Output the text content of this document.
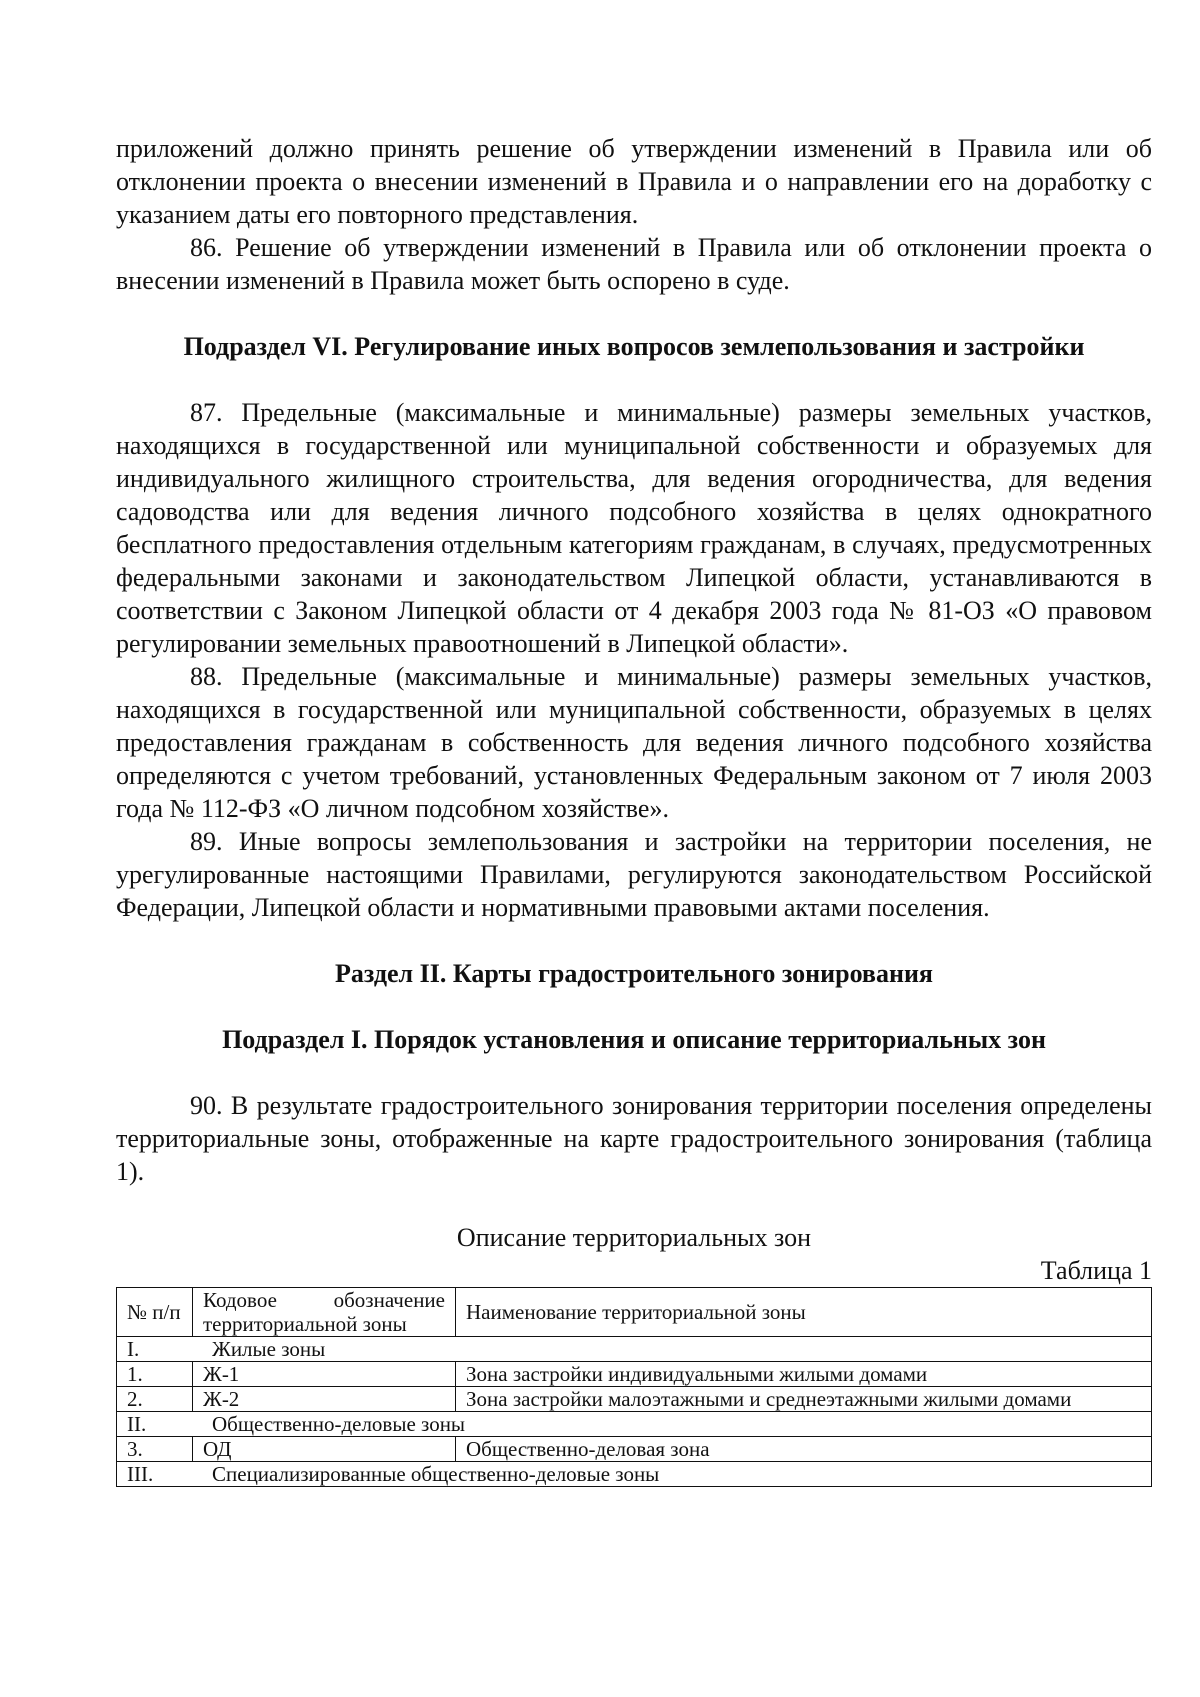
приложений должно принять решение об утверждении изменений в Правила или об отклонении проекта о внесении изменений в Правила и о направлении его на доработку с указанием даты его повторного представления.

86. Решение об утверждении изменений в Правила или об отклонении проекта о внесении изменений в Правила может быть оспорено в суде.

Подраздел VI. Регулирование иных вопросов землепользования и застройки

87. Предельные (максимальные и минимальные) размеры земельных участков, находящихся в государственной или муниципальной собственности и образуемых для индивидуального жилищного строительства, для ведения огородничества, для ведения садоводства или для ведения личного подсобного хозяйства в целях однократного бесплатного предоставления отдельным категориям гражданам, в случаях, предусмотренных федеральными законами и законодательством Липецкой области, устанавливаются в соответствии с Законом Липецкой области от 4 декабря 2003 года № 81-ОЗ «О правовом регулировании земельных правоотношений в Липецкой области».

88. Предельные (максимальные и минимальные) размеры земельных участков, находящихся в государственной или муниципальной собственности, образуемых в целях предоставления гражданам в собственность для ведения личного подсобного хозяйства определяются с учетом требований, установленных Федеральным законом от 7 июля 2003 года № 112-ФЗ «О личном подсобном хозяйстве».

89. Иные вопросы землепользования и застройки на территории поселения, не урегулированные настоящими Правилами, регулируются законодательством Российской Федерации, Липецкой области и нормативными правовыми актами поселения.

Раздел II. Карты градостроительного зонирования
Подраздел I. Порядок установления и описание территориальных зон

90. В результате градостроительного зонирования территории поселения определены территориальные зоны, отображенные на карте градостроительного зонирования (таблица 1).

Описание территориальных зон
Таблица 1
№ п/п	Кодовое обозначение территориальной зоны	Наименование территориальной зоны
I. Жилые зоны		
1.	Ж-1	Зона застройки индивидуальными жилыми домами
2.	Ж-2	Зона застройки малоэтажными и среднеэтажными жилыми домами
II. Общественно-деловые зоны		
3.	ОД	Общественно-деловая зона
III. Специализированные общественно-деловые зоны		
